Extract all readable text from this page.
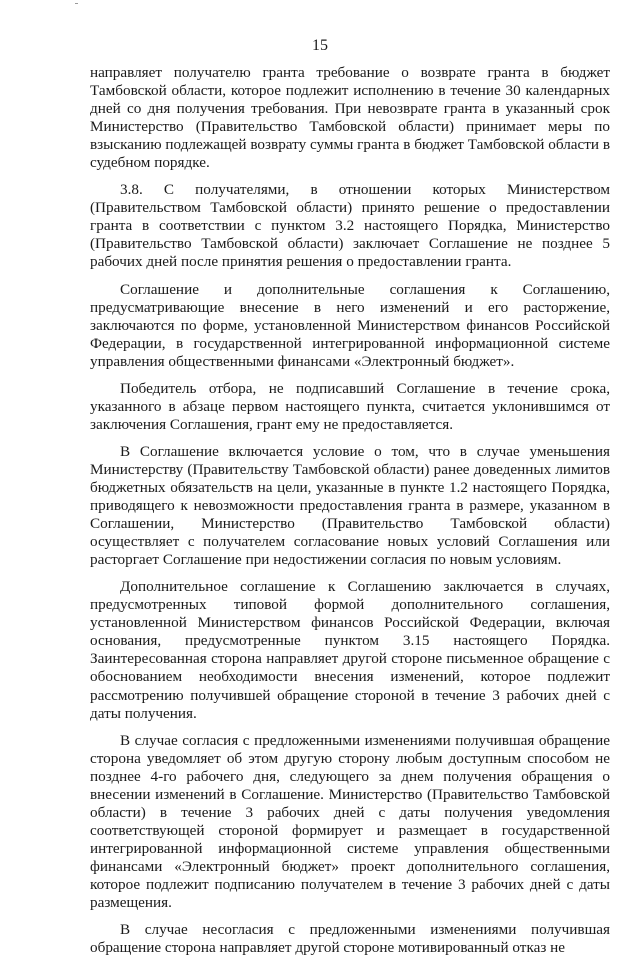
15

направляет получателю гранта требование о возврате гранта в бюджет Тамбовской области, которое подлежит исполнению в течение 30 календарных дней со дня получения требования. При невозврате гранта в указанный срок Министерство (Правительство Тамбовской области) принимает меры по взысканию подлежащей возврату суммы гранта в бюджет Тамбовской области в судебном порядке.

3.8. С получателями, в отношении которых Министерством (Правительством Тамбовской области) принято решение о предоставлении гранта в соответствии с пунктом 3.2 настоящего Порядка, Министерство (Правительство Тамбовской области) заключает Соглашение не позднее 5 рабочих дней после принятия решения о предоставлении гранта.

Соглашение и дополнительные соглашения к Соглашению, предусматривающие внесение в него изменений и его расторжение, заключаются по форме, установленной Министерством финансов Российской Федерации, в государственной интегрированной информационной системе управления общественными финансами «Электронный бюджет».

Победитель отбора, не подписавший Соглашение в течение срока, указанного в абзаце первом настоящего пункта, считается уклонившимся от заключения Соглашения, грант ему не предоставляется.

В Соглашение включается условие о том, что в случае уменьшения Министерству (Правительству Тамбовской области) ранее доведенных лимитов бюджетных обязательств на цели, указанные в пункте 1.2 настоящего Порядка, приводящего к невозможности предоставления гранта в размере, указанном в Соглашении, Министерство (Правительство Тамбовской области) осуществляет с получателем согласование новых условий Соглашения или расторгает Соглашение при недостижении согласия по новым условиям.

Дополнительное соглашение к Соглашению заключается в случаях, предусмотренных типовой формой дополнительного соглашения, установленной Министерством финансов Российской Федерации, включая основания, предусмотренные пунктом 3.15 настоящего Порядка. Заинтересованная сторона направляет другой стороне письменное обращение с обоснованием необходимости внесения изменений, которое подлежит рассмотрению получившей обращение стороной в течение 3 рабочих дней с даты получения.

В случае согласия с предложенными изменениями получившая обращение сторона уведомляет об этом другую сторону любым доступным способом не позднее 4-го рабочего дня, следующего за днем получения обращения о внесении изменений в Соглашение. Министерство (Правительство Тамбовской области) в течение 3 рабочих дней с даты получения уведомления соответствующей стороной формирует и размещает в государственной интегрированной информационной системе управления общественными финансами «Электронный бюджет» проект дополнительного соглашения, которое подлежит подписанию получателем в течение 3 рабочих дней с даты размещения.

В случае несогласия с предложенными изменениями получившая обращение сторона направляет другой стороне мотивированный отказ не
